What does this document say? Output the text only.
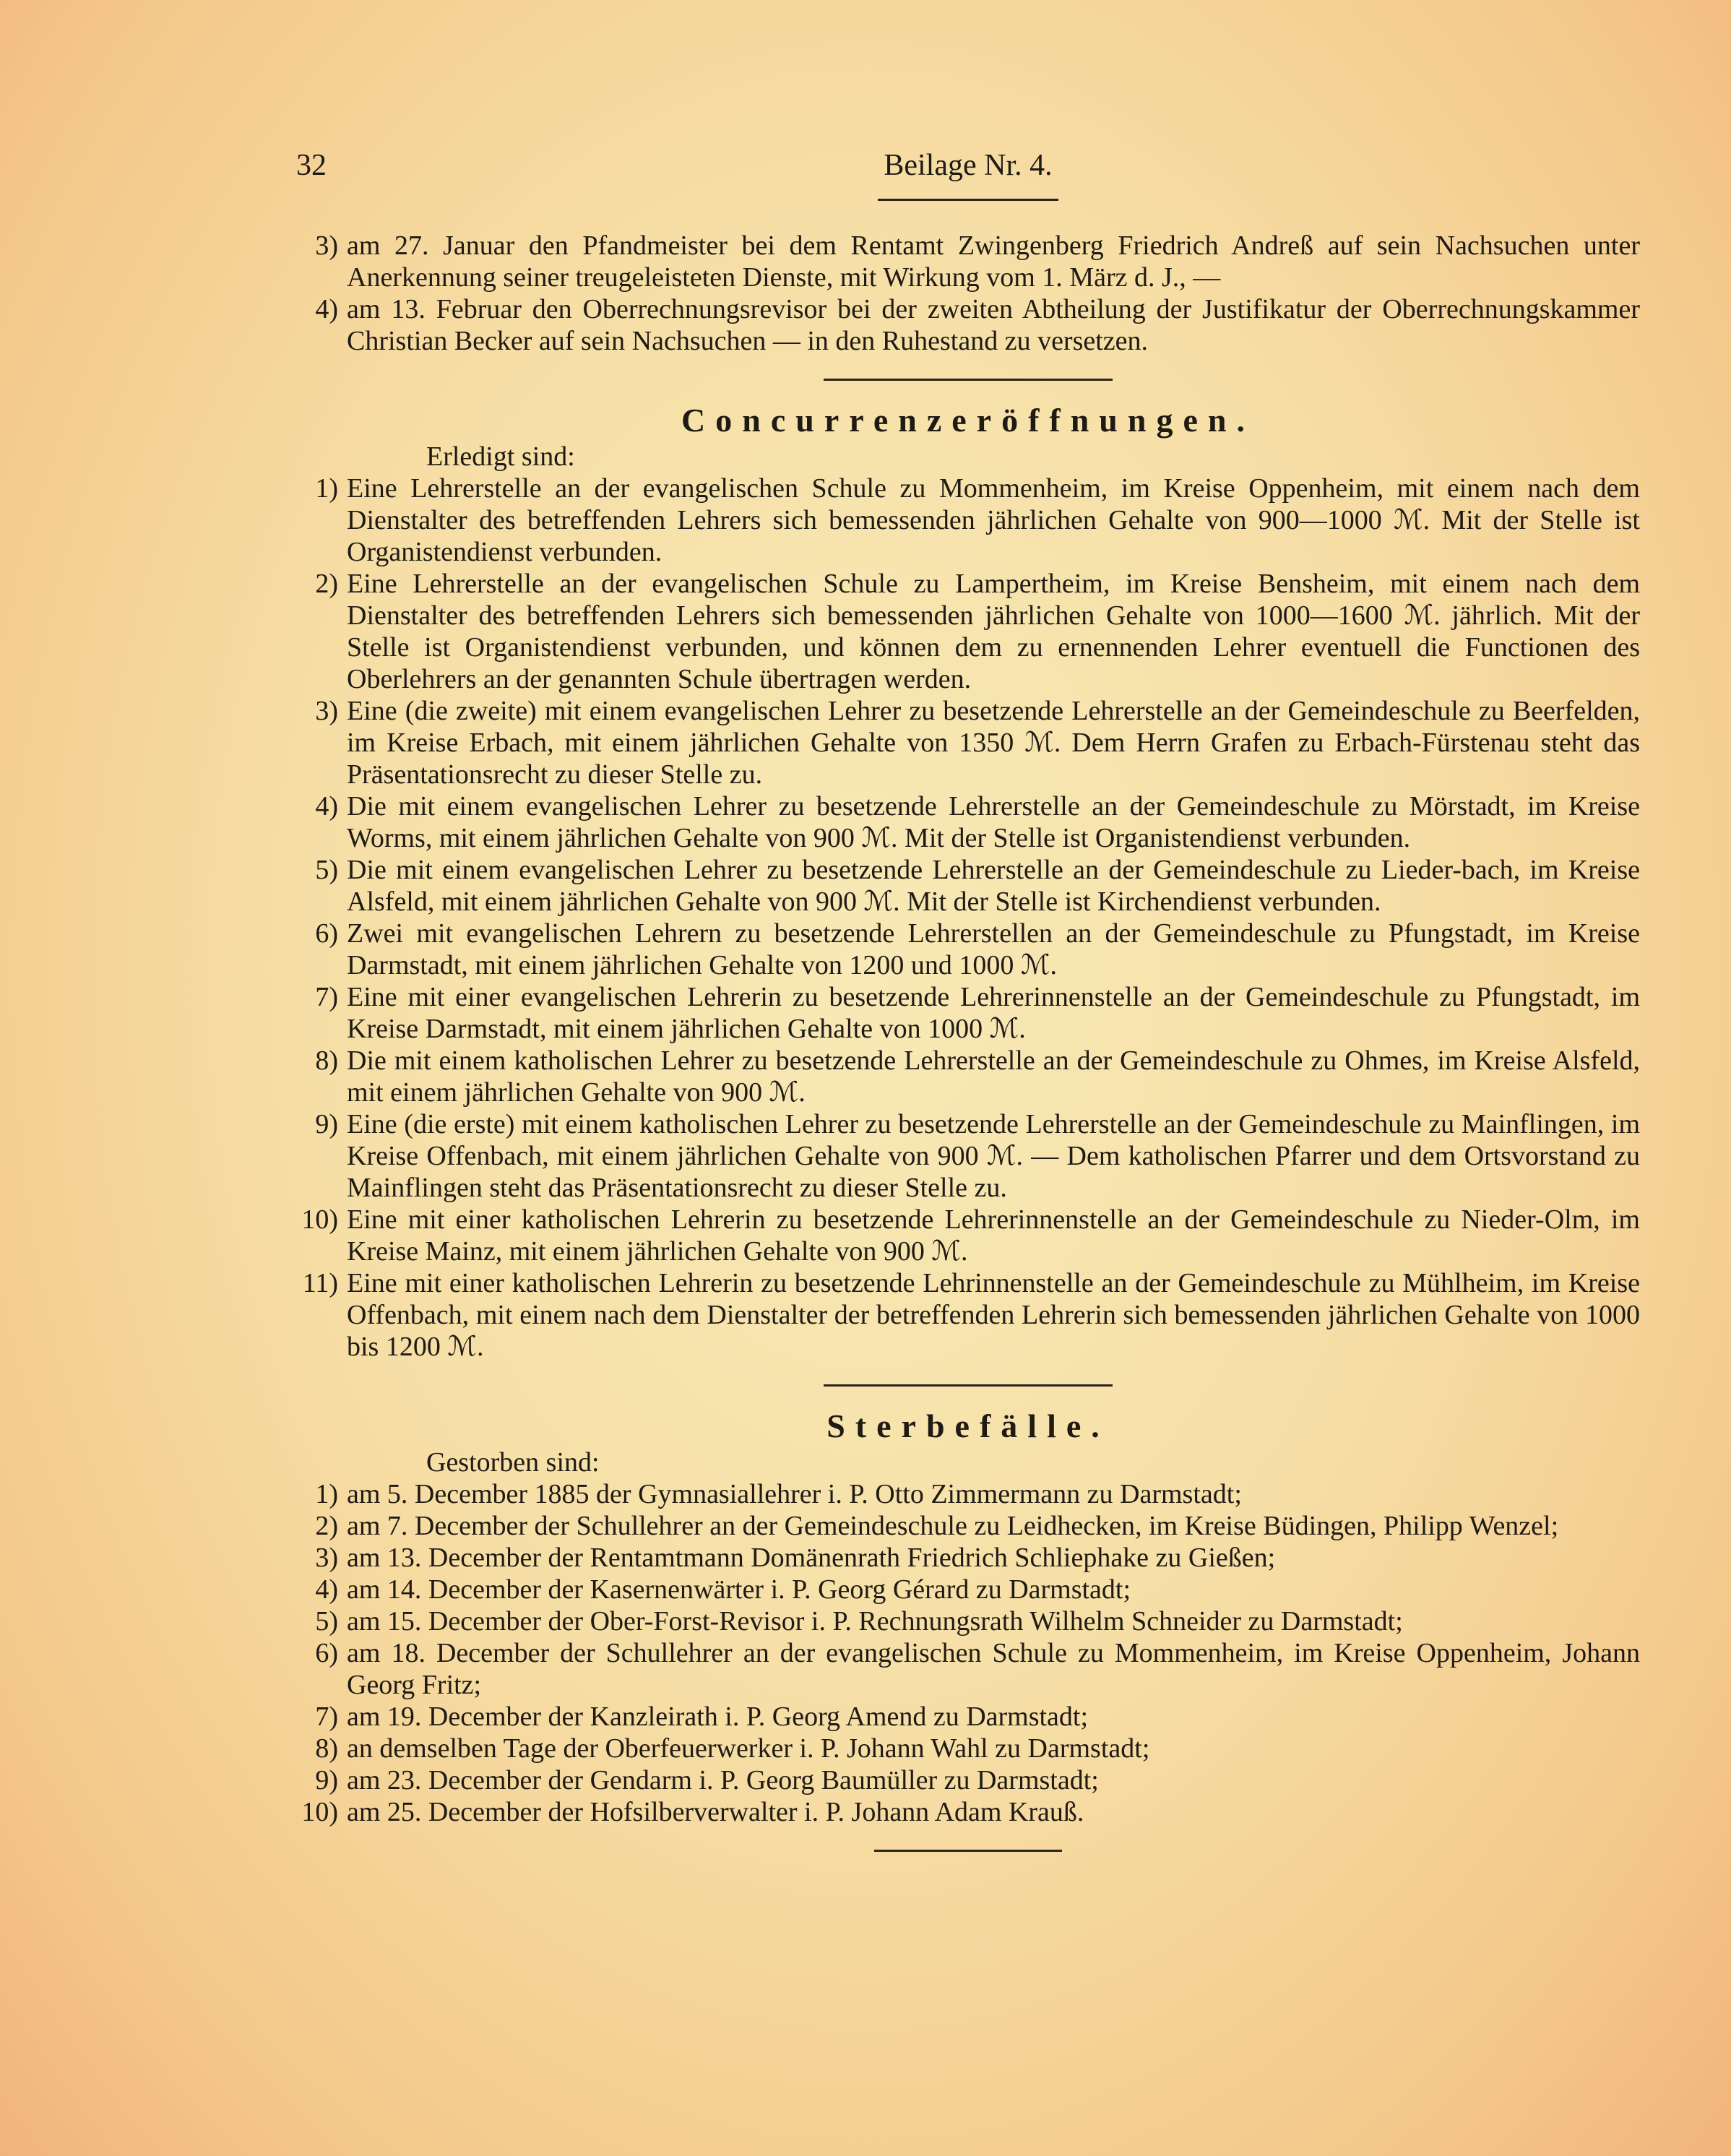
32	Beilage Nr. 4.
3) am 27. Januar den Pfandmeister bei dem Rentamt Zwingenberg Friedrich Andreß auf sein Nachsuchen unter Anerkennung seiner treugeleisteten Dienste, mit Wirkung vom 1. März d. J., —
4) am 13. Februar den Oberrechnungsrevisor bei der zweiten Abtheilung der Justifikatur der Oberrechnungskammer Christian Becker auf sein Nachsuchen — in den Ruhestand zu versetzen.
Concurrenzeröffnungen.
Erledigt sind:
1) Eine Lehrerstelle an der evangelischen Schule zu Mommenheim, im Kreise Oppenheim, mit einem nach dem Dienstalter des betreffenden Lehrers sich bemessenden jährlichen Gehalte von 900—1000 ℳ. Mit der Stelle ist Organistendienst verbunden.
2) Eine Lehrerstelle an der evangelischen Schule zu Lampertheim, im Kreise Bensheim, mit einem nach dem Dienstalter des betreffenden Lehrers sich bemessenden jährlichen Gehalte von 1000—1600 ℳ. jährlich. Mit der Stelle ist Organistendienst verbunden, und können dem zu ernennenden Lehrer eventuell die Functionen des Oberlehrers an der genannten Schule übertragen werden.
3) Eine (die zweite) mit einem evangelischen Lehrer zu besetzende Lehrerstelle an der Gemeindeschule zu Beerfelden, im Kreise Erbach, mit einem jährlichen Gehalte von 1350 ℳ. Dem Herrn Grafen zu Erbach-Fürstenau steht das Präsentationsrecht zu dieser Stelle zu.
4) Die mit einem evangelischen Lehrer zu besetzende Lehrerstelle an der Gemeindeschule zu Mörstadt, im Kreise Worms, mit einem jährlichen Gehalte von 900 ℳ. Mit der Stelle ist Organistendienst verbunden.
5) Die mit einem evangelischen Lehrer zu besetzende Lehrerstelle an der Gemeindeschule zu Lieder-bach, im Kreise Alsfeld, mit einem jährlichen Gehalte von 900 ℳ. Mit der Stelle ist Kirchendienst verbunden.
6) Zwei mit evangelischen Lehrern zu besetzende Lehrerstellen an der Gemeindeschule zu Pfungstadt, im Kreise Darmstadt, mit einem jährlichen Gehalte von 1200 und 1000 ℳ.
7) Eine mit einer evangelischen Lehrerin zu besetzende Lehrerinnenstelle an der Gemeindeschule zu Pfungstadt, im Kreise Darmstadt, mit einem jährlichen Gehalte von 1000 ℳ.
8) Die mit einem katholischen Lehrer zu besetzende Lehrerstelle an der Gemeindeschule zu Ohmes, im Kreise Alsfeld, mit einem jährlichen Gehalte von 900 ℳ.
9) Eine (die erste) mit einem katholischen Lehrer zu besetzende Lehrerstelle an der Gemeindeschule zu Mainflingen, im Kreise Offenbach, mit einem jährlichen Gehalte von 900 ℳ. — Dem katholischen Pfarrer und dem Ortsvorstand zu Mainflingen steht das Präsentationsrecht zu dieser Stelle zu.
10) Eine mit einer katholischen Lehrerin zu besetzende Lehrerinnenstelle an der Gemeindeschule zu Nieder-Olm, im Kreise Mainz, mit einem jährlichen Gehalte von 900 ℳ.
11) Eine mit einer katholischen Lehrerin zu besetzende Lehrinnenstelle an der Gemeindeschule zu Mühlheim, im Kreise Offenbach, mit einem nach dem Dienstalter der betreffenden Lehrerin sich bemessenden jährlichen Gehalte von 1000 bis 1200 ℳ.
Sterbefälle.
Gestorben sind:
1) am 5. December 1885 der Gymnasiallehrer i. P. Otto Zimmermann zu Darmstadt;
2) am 7. December der Schullehrer an der Gemeindeschule zu Leidhecken, im Kreise Büdingen, Philipp Wenzel;
3) am 13. December der Rentamtmann Domänenrath Friedrich Schliephake zu Gießen;
4) am 14. December der Kasernenwärter i. P. Georg Gérard zu Darmstadt;
5) am 15. December der Ober-Forst-Revisor i. P. Rechnungsrath Wilhelm Schneider zu Darmstadt;
6) am 18. December der Schullehrer an der evangelischen Schule zu Mommenheim, im Kreise Oppenheim, Johann Georg Fritz;
7) am 19. December der Kanzleirath i. P. Georg Amend zu Darmstadt;
8) an demselben Tage der Oberfeuerwerker i. P. Johann Wahl zu Darmstadt;
9) am 23. December der Gendarm i. P. Georg Baumüller zu Darmstadt;
10) am 25. December der Hofsilberverwalter i. P. Johann Adam Krauß.
